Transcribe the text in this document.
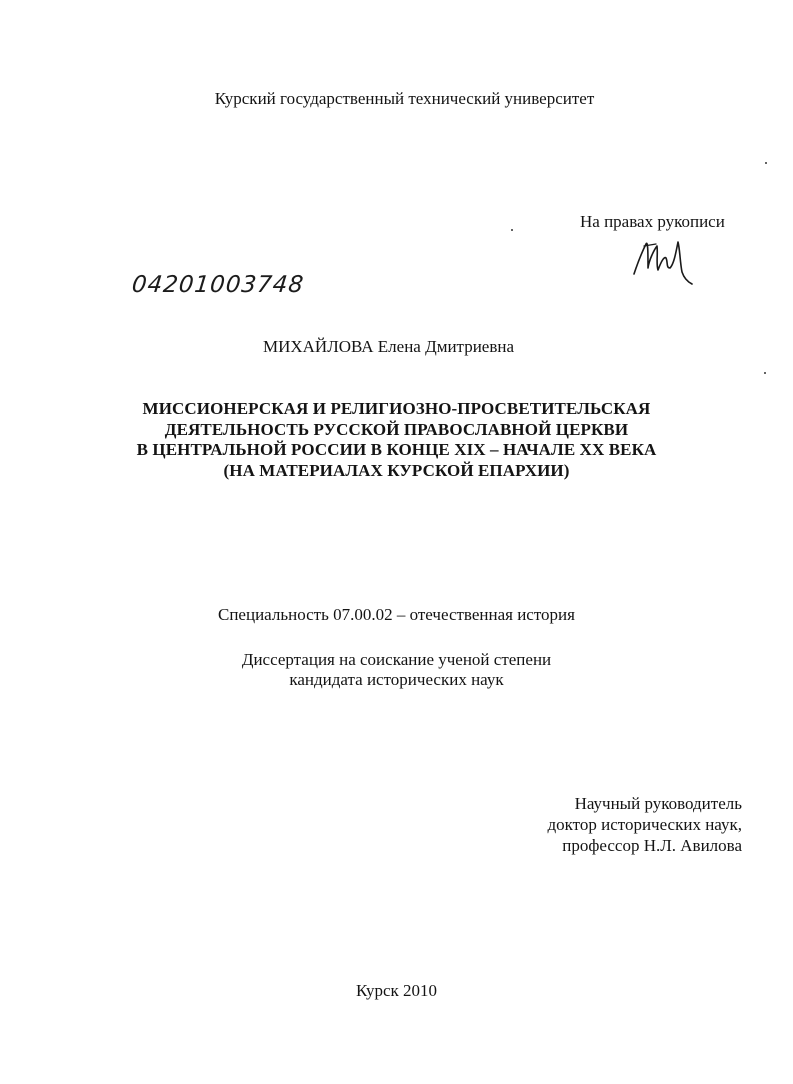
Курский государственный технический университет
На правах рукописи
04201003748
МИХАЙЛОВА Елена Дмитриевна
МИССИОНЕРСКАЯ И РЕЛИГИОЗНО-ПРОСВЕТИТЕЛЬСКАЯ
ДЕЯТЕЛЬНОСТЬ РУССКОЙ ПРАВОСЛАВНОЙ ЦЕРКВИ
В ЦЕНТРАЛЬНОЙ РОССИИ В КОНЦЕ XIX – НАЧАЛЕ XX ВЕКА
(НА МАТЕРИАЛАХ КУРСКОЙ ЕПАРХИИ)
Специальность 07.00.02 – отечественная история
Диссертация на соискание ученой степени
кандидата исторических наук
Научный руководитель
доктор исторических наук,
профессор Н.Л. Авилова
Курск 2010
